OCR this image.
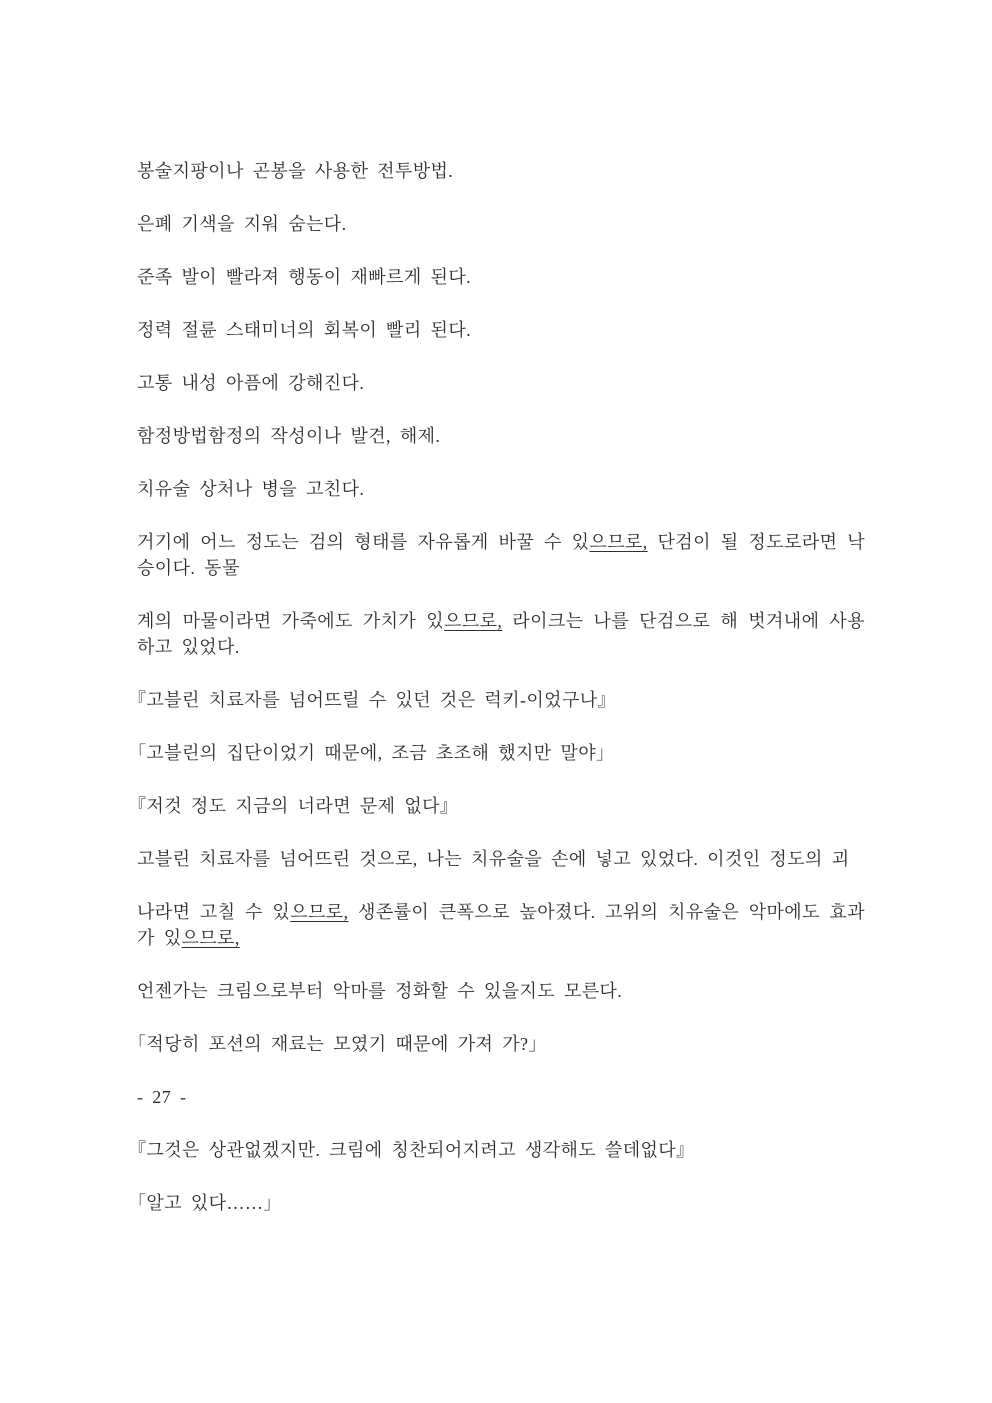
봉술지팡이나 곤봉을 사용한 전투방법.

은폐 기색을 지워 숨는다.

준족 발이 빨라져 행동이 재빠르게 된다.

정력 절륜 스태미너의 회복이 빨리 된다.

고통 내성 아픔에 강해진다.

함정방법함정의 작성이나 발견, 해제.

치유술 상처나 병을 고친다.

거기에 어느 정도는 검의 형태를 자유롭게 바꿀 수 있으므로, 단검이 될 정도로라면 낙승이다. 동물

계의 마물이라면 가죽에도 가치가 있으므로, 라이크는 나를 단검으로 해 벗겨내에 사용하고 있었다.

『고블린 치료자를 넘어뜨릴 수 있던 것은 럭키-이었구나』

「고블린의 집단이었기 때문에, 조금 초조해 했지만 말야」

『저것 정도 지금의 너라면 문제 없다』

고블린 치료자를 넘어뜨린 것으로, 나는 치유술을 손에 넣고 있었다. 이것인 정도의 괴

나라면 고칠 수 있으므로, 생존률이 큰폭으로 높아졌다. 고위의 치유술은 악마에도 효과가 있으므로,

언젠가는 크림으로부터 악마를 정화할 수 있을지도 모른다.

「적당히 포션의 재료는 모였기 때문에 가져 가?」

- 27 -

『그것은 상관없겠지만. 크림에 칭찬되어지려고 생각해도 쓸데없다』

「알고 있다……」
